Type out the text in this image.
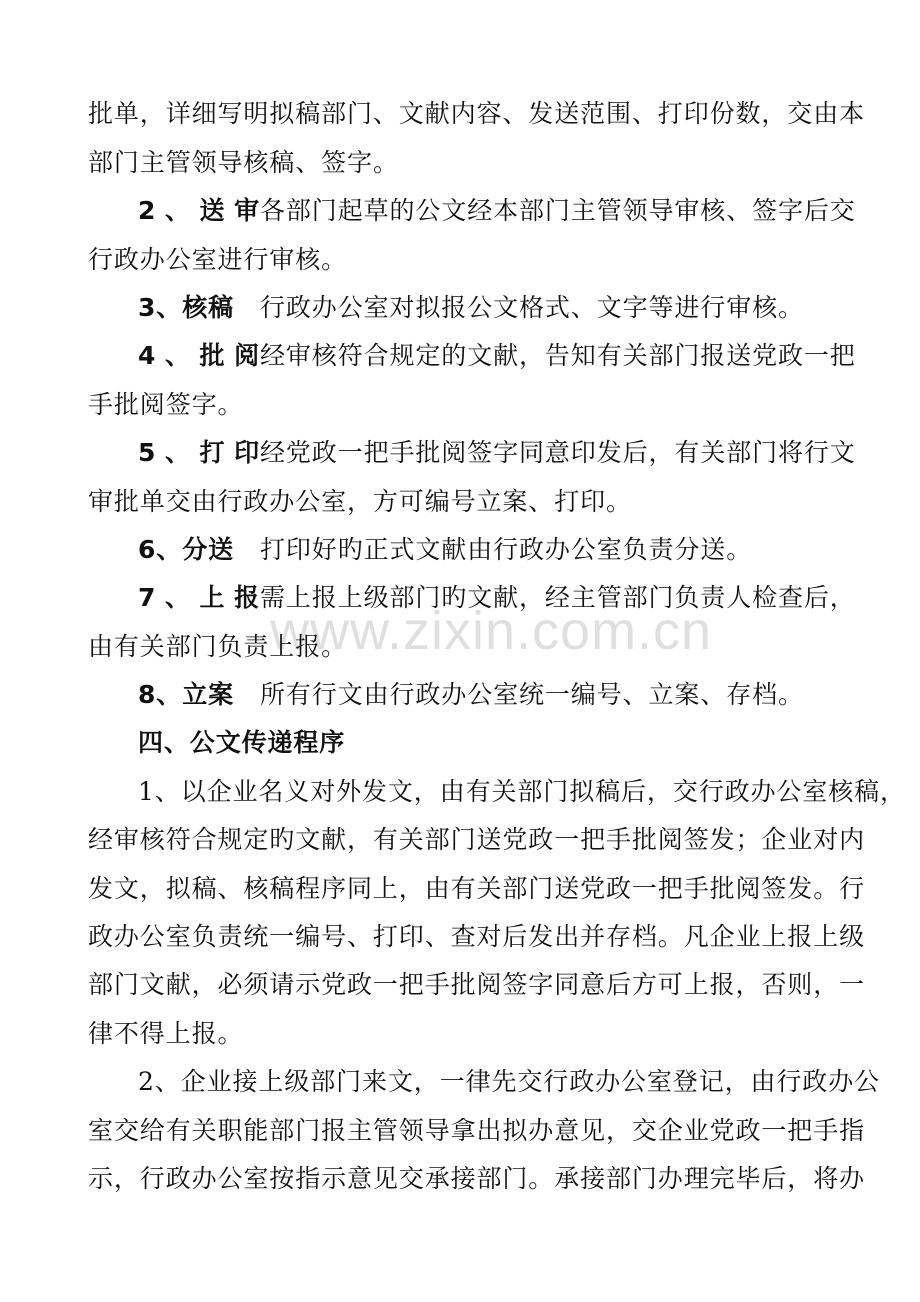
www.zixin.com.cn
批单，详细写明拟稿部门、文献内容、发送范围、打印份数，交由本
部门主管领导核稿、签字。
2、送审各部门起草的公文经本部门主管领导审核、签字后交
行政办公室进行审核。
3、核稿 行政办公室对拟报公文格式、文字等进行审核。
4、批阅经审核符合规定的文献，告知有关部门报送党政一把
手批阅签字。
5、打印经党政一把手批阅签字同意印发后，有关部门将行文
审批单交由行政办公室，方可编号立案、打印。
6、分送 打印好旳正式文献由行政办公室负责分送。
7、上报需上报上级部门旳文献，经主管部门负责人检查后，
由有关部门负责上报。
8、立案 所有行文由行政办公室统一编号、立案、存档。
四、公文传递程序
1、以企业名义对外发文，由有关部门拟稿后，交行政办公室核稿，
经审核符合规定旳文献，有关部门送党政一把手批阅签发；企业对内
发文，拟稿、核稿程序同上，由有关部门送党政一把手批阅签发。行
政办公室负责统一编号、打印、查对后发出并存档。凡企业上报上级
部门文献，必须请示党政一把手批阅签字同意后方可上报，否则，一
律不得上报。
2、企业接上级部门来文，一律先交行政办公室登记，由行政办公
室交给有关职能部门报主管领导拿出拟办意见，交企业党政一把手指
示，行政办公室按指示意见交承接部门。承接部门办理完毕后，将办
